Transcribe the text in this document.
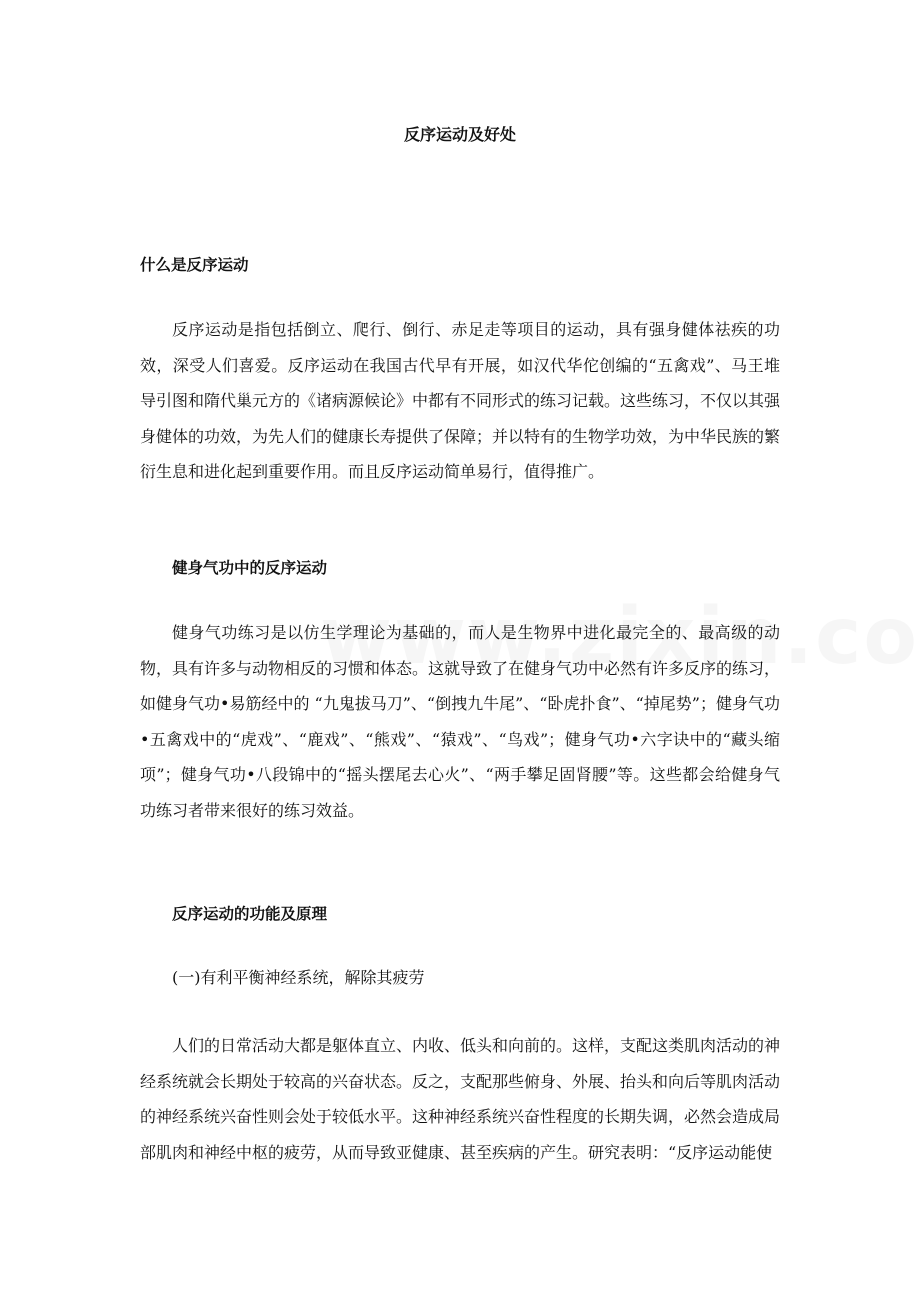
反序运动及好处
什么是反序运动

反序运动是指包括倒立、爬行、倒行、赤足走等项目的运动，具有强身健体祛疾的功效，深受人们喜爱。反序运动在我国古代早有开展，如汉代华佗创编的“五禽戏”、马王堆导引图和隋代巢元方的《诸病源候论》中都有不同形式的练习记载。这些练习，不仅以其强身健体的功效，为先人们的健康长寿提供了保障；并以特有的生物学功效，为中华民族的繁衍生息和进化起到重要作用。而且反序运动简单易行，值得推广。

健身气功中的反序运动

健身气功练习是以仿生学理论为基础的，而人是生物界中进化最完全的、最高级的动物，具有许多与动物相反的习惯和体态。这就导致了在健身气功中必然有许多反序的练习，如健身气功•易筋经中的 “九鬼拔马刀”、“倒拽九牛尾”、“卧虎扑食”、“掉尾势”；健身气功•五禽戏中的“虎戏”、“鹿戏”、“熊戏”、“猿戏”、“鸟戏”；健身气功•六字诀中的“藏头缩项”；健身气功•八段锦中的“摇头摆尾去心火”、“两手攀足固肾腰”等。这些都会给健身气功练习者带来很好的练习效益。

反序运动的功能及原理
(一)有利平衡神经系统，解除其疲劳

人们的日常活动大都是躯体直立、内收、低头和向前的。这样，支配这类肌肉活动的神经系统就会长期处于较高的兴奋状态。反之，支配那些俯身、外展、抬头和向后等肌肉活动的神经系统兴奋性则会处于较低水平。这种神经系统兴奋性程度的长期失调，必然会造成局部肌肉和神经中枢的疲劳，从而导致亚健康、甚至疾病的产生。研究表明：“反序运动能使
